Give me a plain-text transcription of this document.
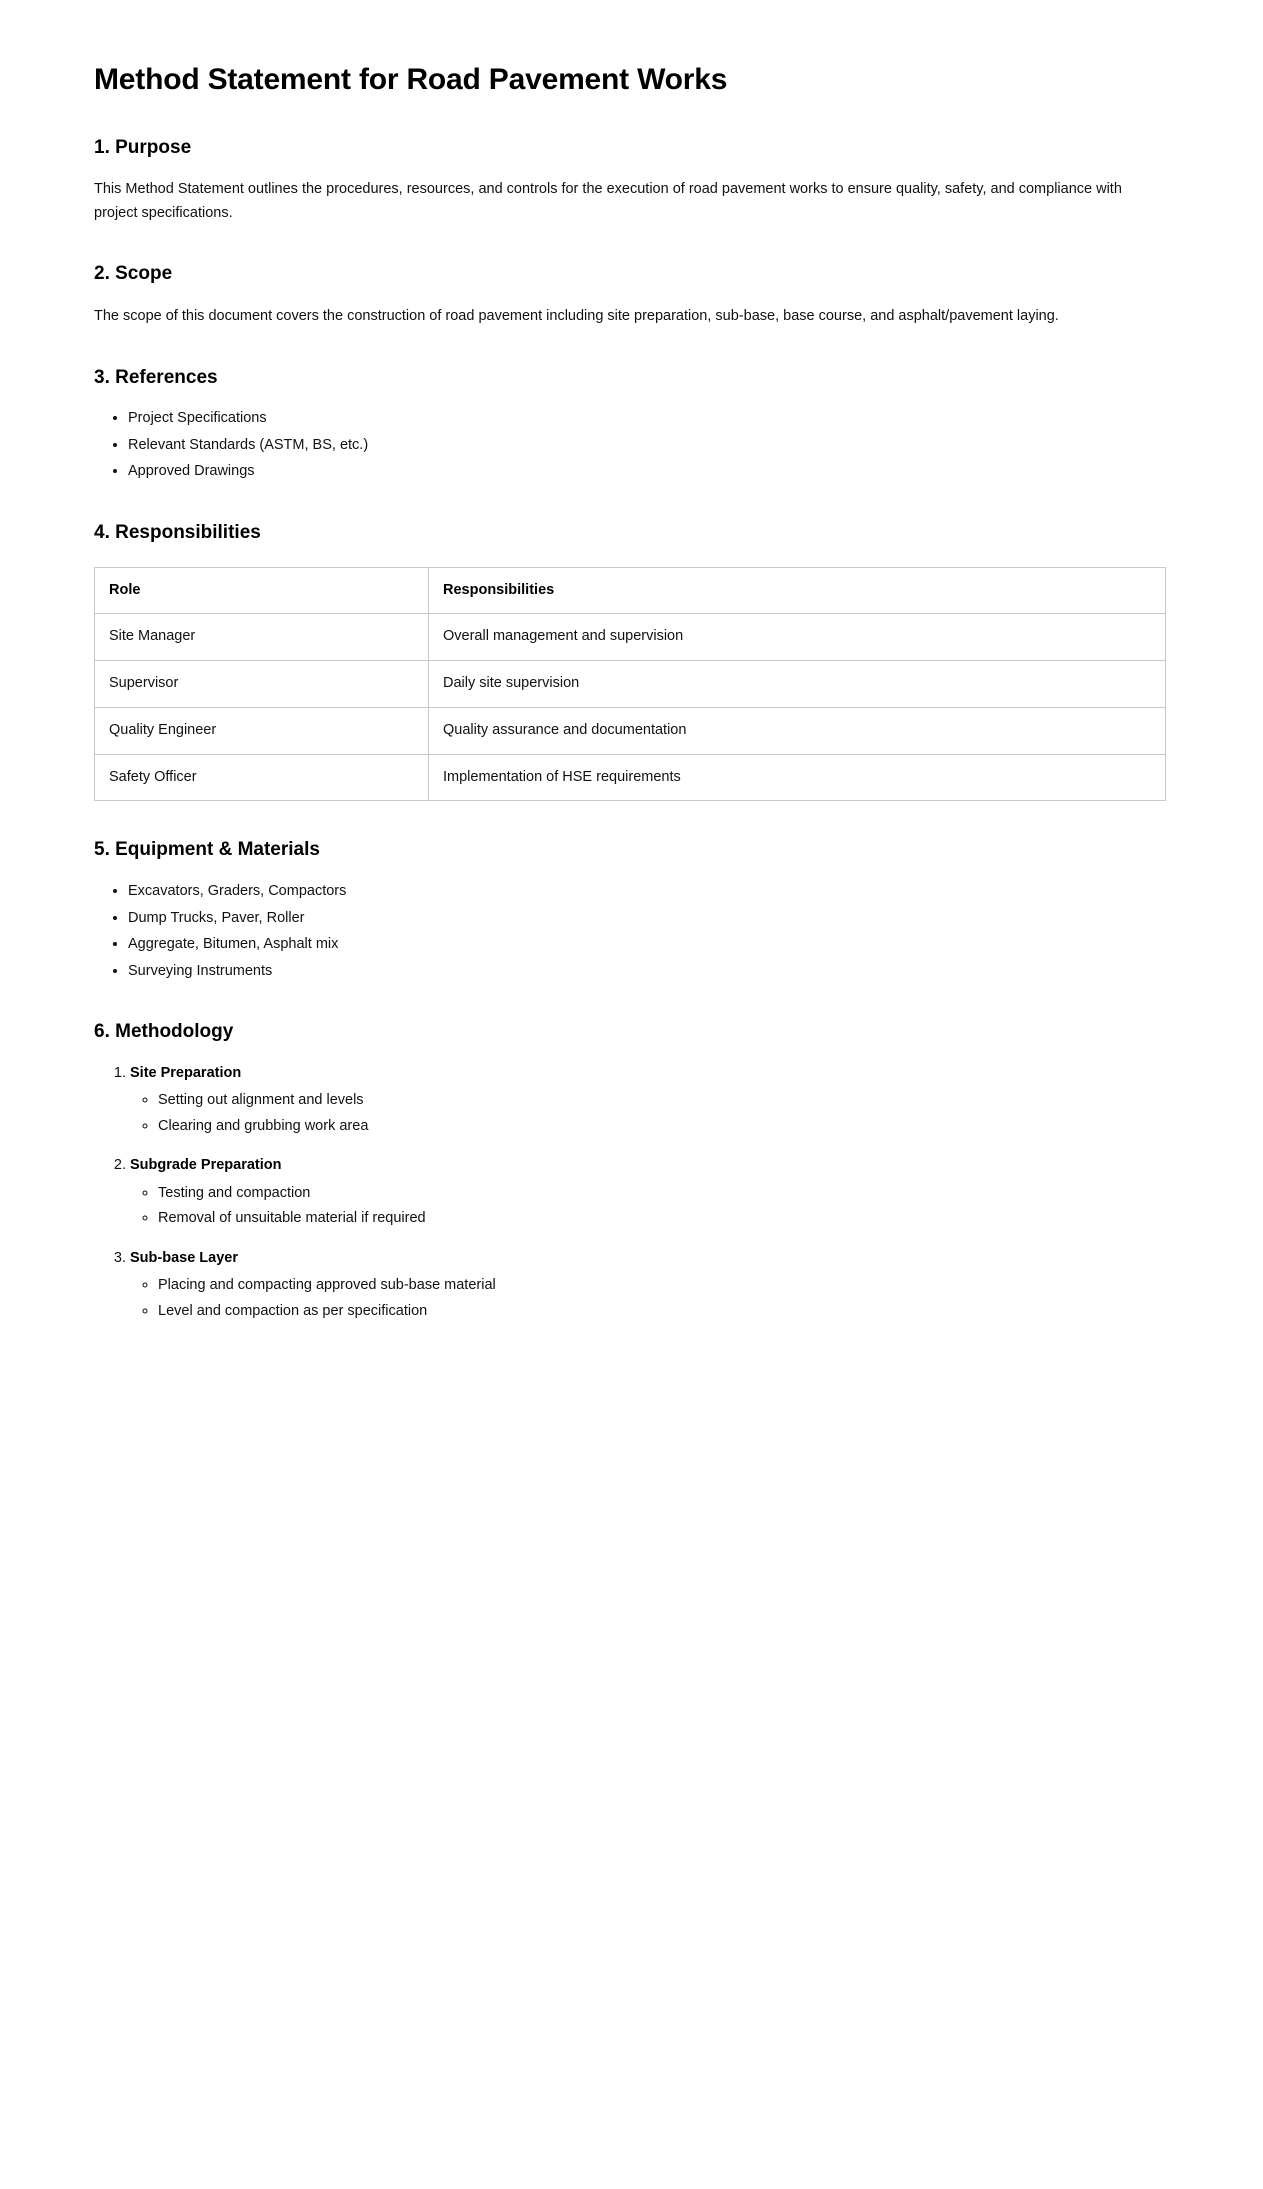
Method Statement for Road Pavement Works
1. Purpose

This Method Statement outlines the procedures, resources, and controls for the execution of road pavement works to ensure quality, safety, and compliance with project specifications.

2. Scope

The scope of this document covers the construction of road pavement including site preparation, sub-base, base course, and asphalt/pavement laying.

3. References
• Project Specifications
• Relevant Standards (ASTM, BS, etc.)
• Approved Drawings
4. Responsibilities
Role	Responsibilities
Site Manager	Overall management and supervision
Supervisor	Daily site supervision
Quality Engineer	Quality assurance and documentation
Safety Officer	Implementation of HSE requirements
5. Equipment & Materials
• Excavators, Graders, Compactors
• Dump Trucks, Paver, Roller
• Aggregate, Bitumen, Asphalt mix
• Surveying Instruments
6. Methodology
1. Site Preparation
◦ Setting out alignment and levels
◦ Clearing and grubbing work area
2. Subgrade Preparation
◦ Testing and compaction
◦ Removal of unsuitable material if required
3. Sub-base Layer
◦ Placing and compacting approved sub-base material
◦ Level and compaction as per specification
